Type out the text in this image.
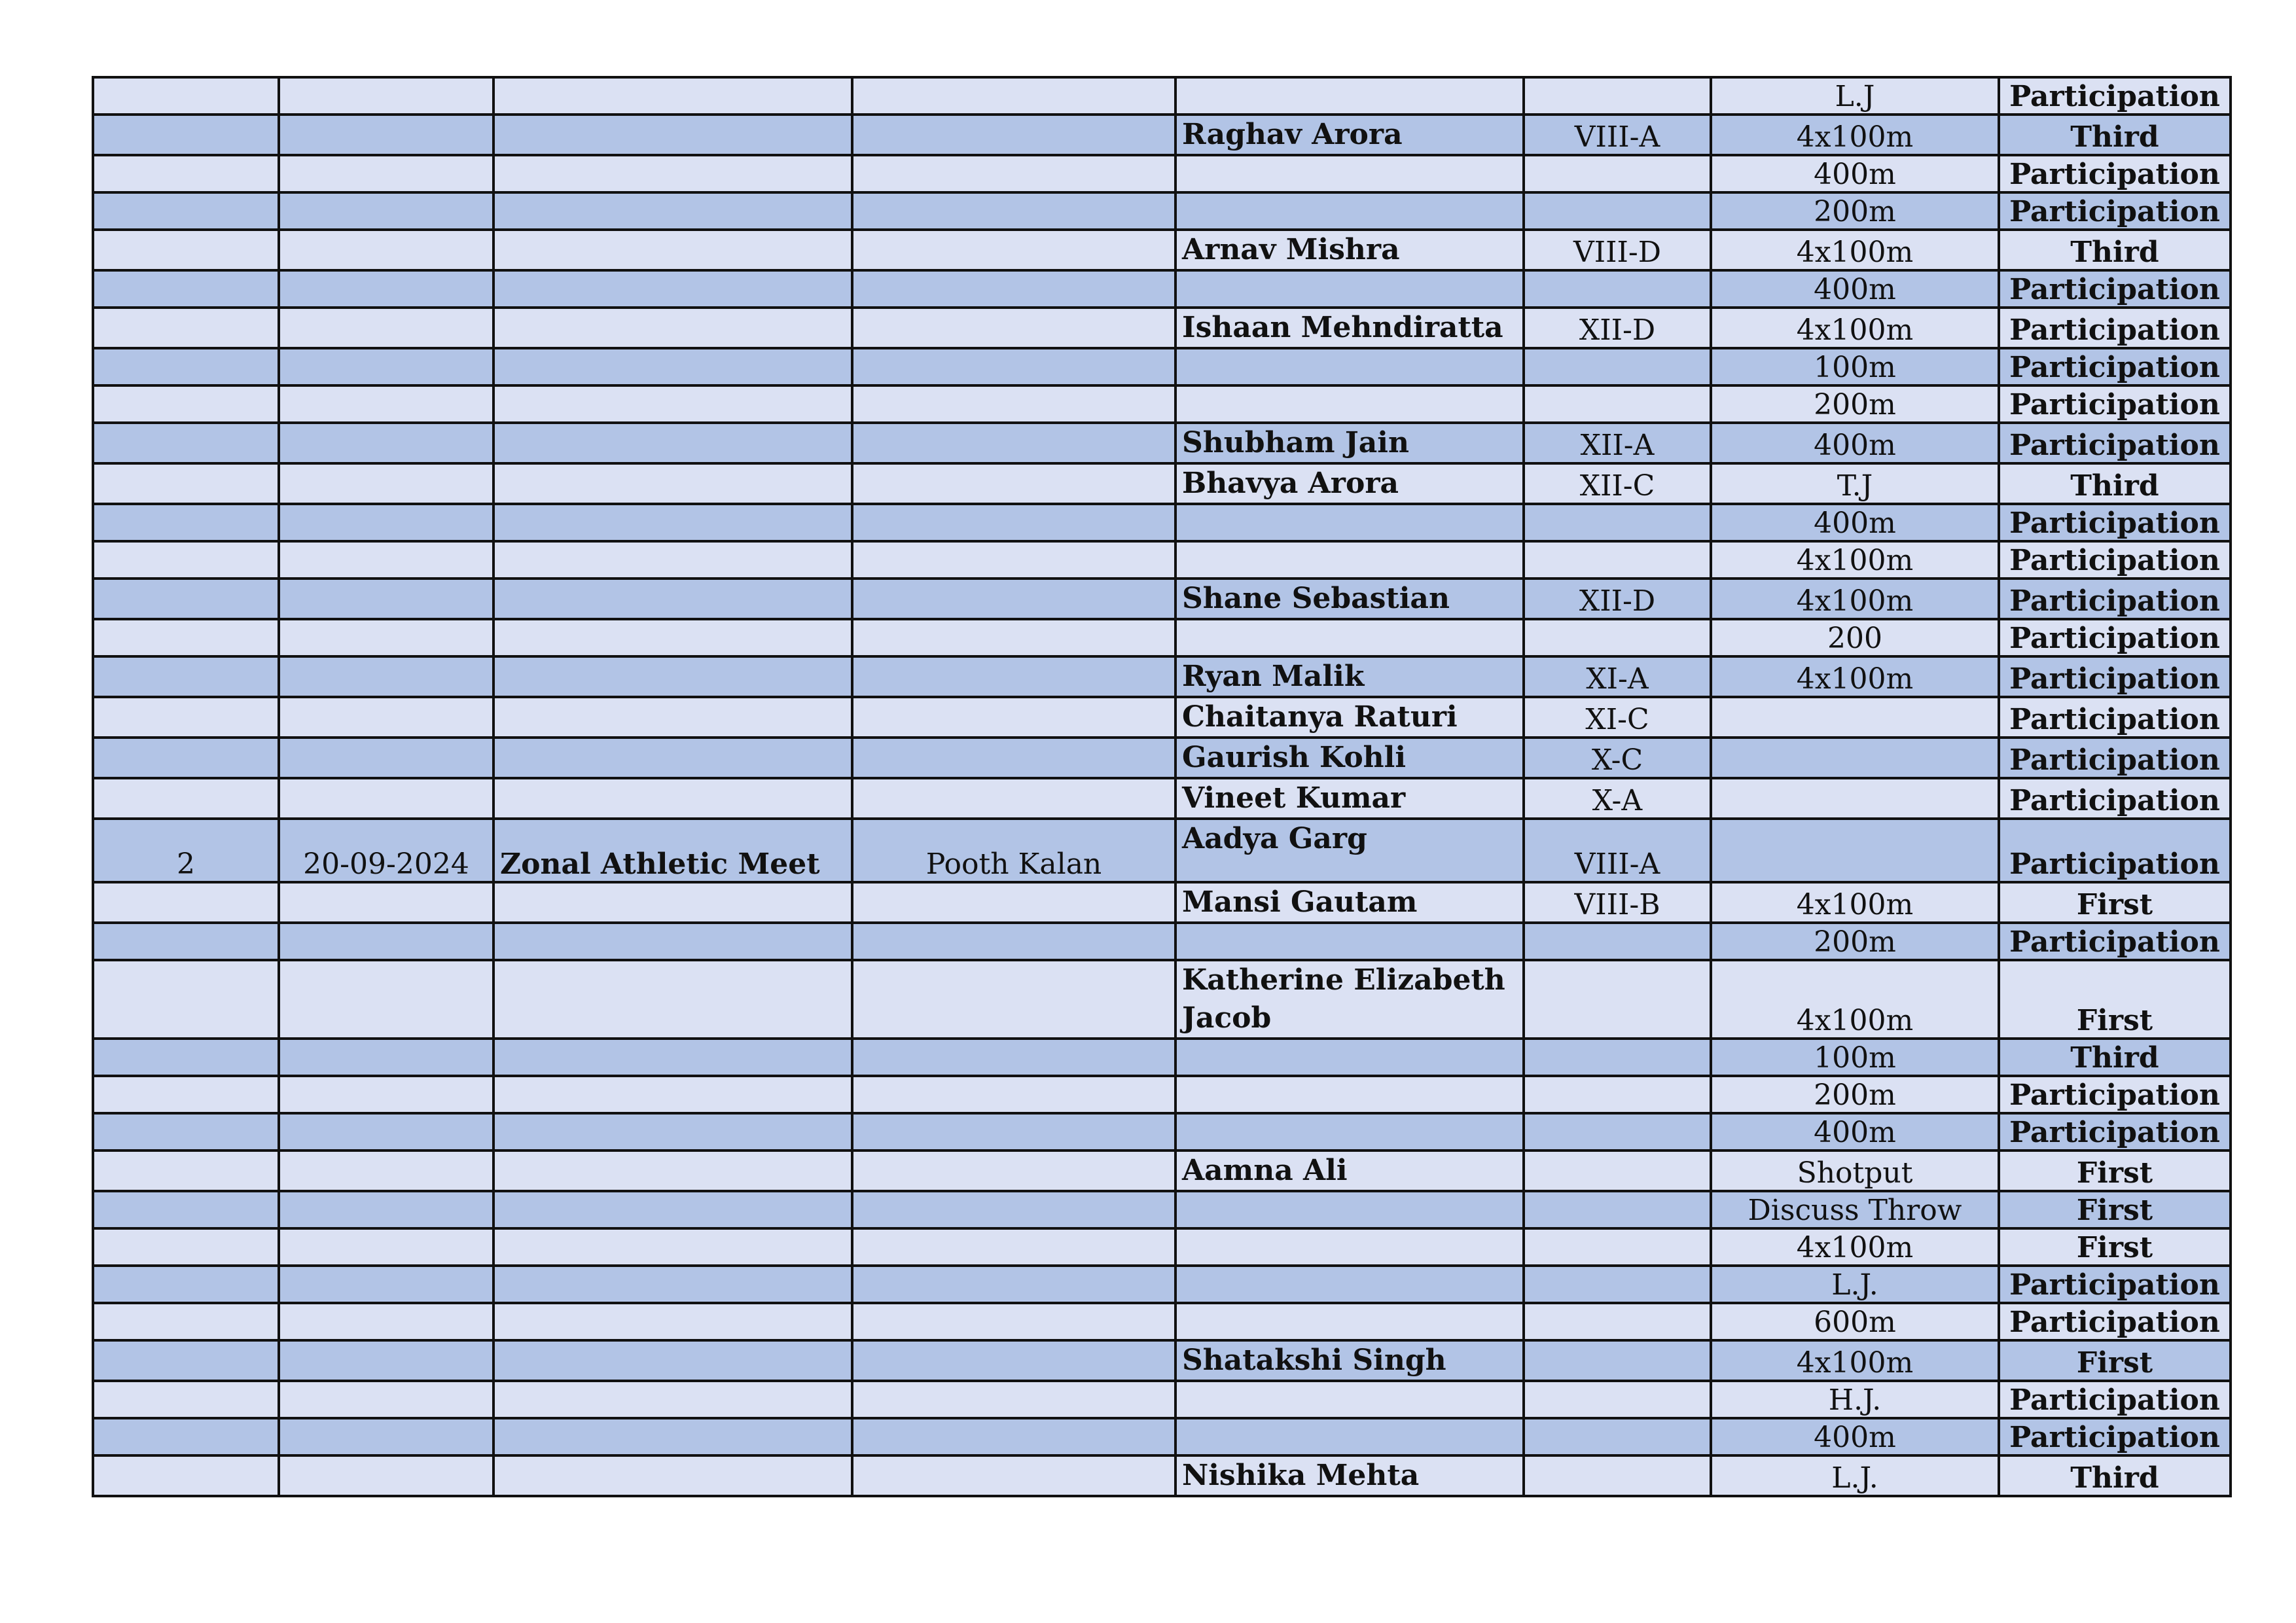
						L.J	Participation
				Raghav Arora	VIII-A	4x100m	Third
						400m	Participation
						200m	Participation
				Arnav Mishra	VIII-D	4x100m	Third
						400m	Participation
				Ishaan Mehndiratta	XII-D	4x100m	Participation
						100m	Participation
						200m	Participation
				Shubham Jain	XII-A	400m	Participation
				Bhavya Arora	XII-C	T.J	Third
						400m	Participation
						4x100m	Participation
				Shane Sebastian	XII-D	4x100m	Participation
						200	Participation
				Ryan Malik	XI-A	4x100m	Participation
				Chaitanya Raturi	XI-C		Participation
				Gaurish Kohli	X-C		Participation
				Vineet Kumar	X-A		Participation
2	20-09-2024	Zonal Athletic Meet	Pooth Kalan	Aadya Garg	VIII-A		Participation
				Mansi Gautam	VIII-B	4x100m	First
						200m	Participation
				Katherine Elizabeth Jacob		4x100m	First
						100m	Third
						200m	Participation
						400m	Participation
				Aamna Ali		Shotput	First
						Discuss Throw	First
						4x100m	First
						L.J.	Participation
						600m	Participation
				Shatakshi Singh		4x100m	First
						H.J.	Participation
						400m	Participation
				Nishika Mehta		L.J.	Third
